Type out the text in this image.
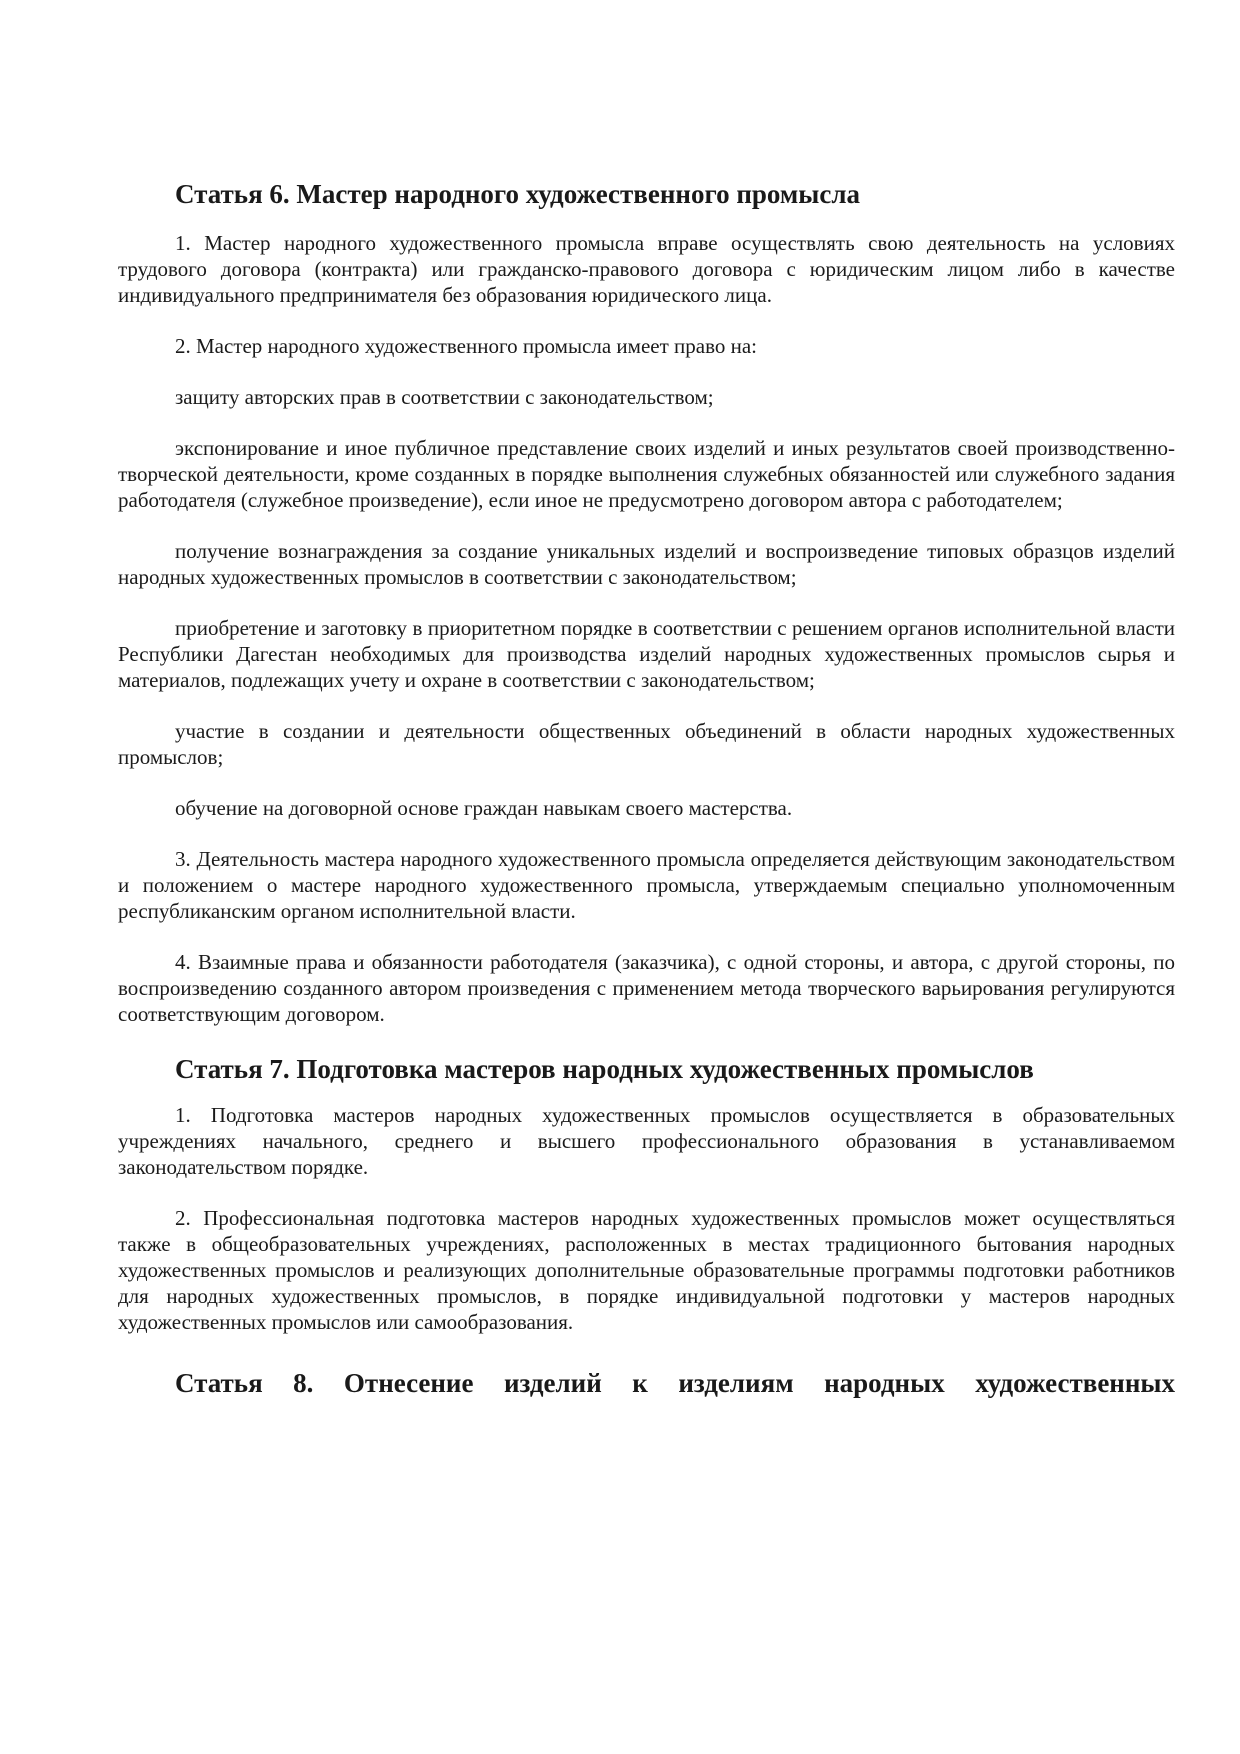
Статья 6. Мастер народного художественного промысла

1. Мастер народного художественного промысла вправе осуществлять свою деятельность на условиях трудового договора (контракта) или гражданско-правового договора с юридическим лицом либо в качестве индивидуального предпринимателя без образования юридического лица.

2. Мастер народного художественного промысла имеет право на:

защиту авторских прав в соответствии с законодательством;

экспонирование и иное публичное представление своих изделий и иных результатов своей производственно-творческой деятельности, кроме созданных в порядке выполнения служебных обязанностей или служебного задания работодателя (служебное произведение), если иное не предусмотрено договором автора с работодателем;

получение вознаграждения за создание уникальных изделий и воспроизведение типовых образцов изделий народных художественных промыслов в соответствии с законодательством;

приобретение и заготовку в приоритетном порядке в соответствии с решением органов исполнительной власти Республики Дагестан необходимых для производства изделий народных художественных промыслов сырья и материалов, подлежащих учету и охране в соответствии с законодательством;

участие в создании и деятельности общественных объединений в области народных художественных промыслов;

обучение на договорной основе граждан навыкам своего мастерства.

3. Деятельность мастера народного художественного промысла определяется действующим законодательством и положением о мастере народного художественного промысла, утверждаемым специально уполномоченным республиканским органом исполнительной власти.

4. Взаимные права и обязанности работодателя (заказчика), с одной стороны, и автора, с другой стороны, по воспроизведению созданного автором произведения с применением метода творческого варьирования регулируются соответствующим договором.

Статья 7. Подготовка мастеров народных художественных промыслов

1. Подготовка мастеров народных художественных промыслов осуществляется в образовательных учреждениях начального, среднего и высшего профессионального образования в устанавливаемом законодательством порядке.

2. Профессиональная подготовка мастеров народных художественных промыслов может осуществляться также в общеобразовательных учреждениях, расположенных в местах традиционного бытования народных художественных промыслов и реализующих дополнительные образовательные программы подготовки работников для народных художественных промыслов, в порядке индивидуальной подготовки у мастеров народных художественных промыслов или самообразования.

Статья 8. Отнесение изделий к изделиям народных художественных
